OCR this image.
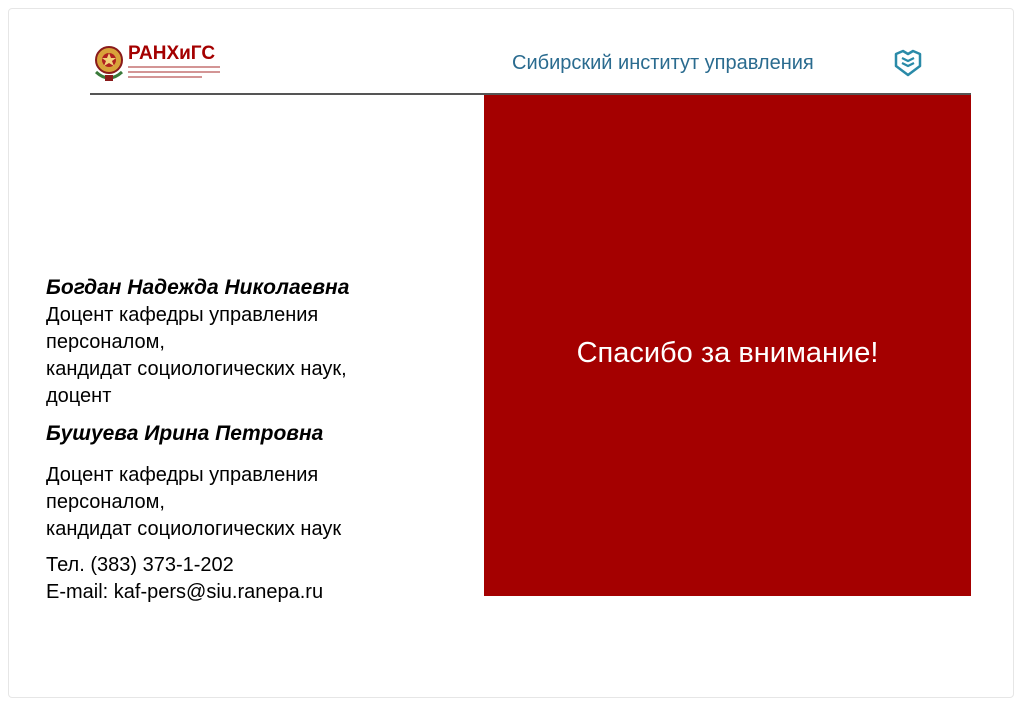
РАНХиГС	Сибирский институт управления
Спасибо за внимание!
Богдан Надежда Николаевна
Доцент кафедры управления
персоналом,
кандидат социологических наук,
доцент
Бушуева Ирина Петровна
Доцент кафедры управления
персоналом,
кандидат социологических наук
Тел. (383) 373-1-202
E-mail: kaf-pers@siu.ranepa.ru
